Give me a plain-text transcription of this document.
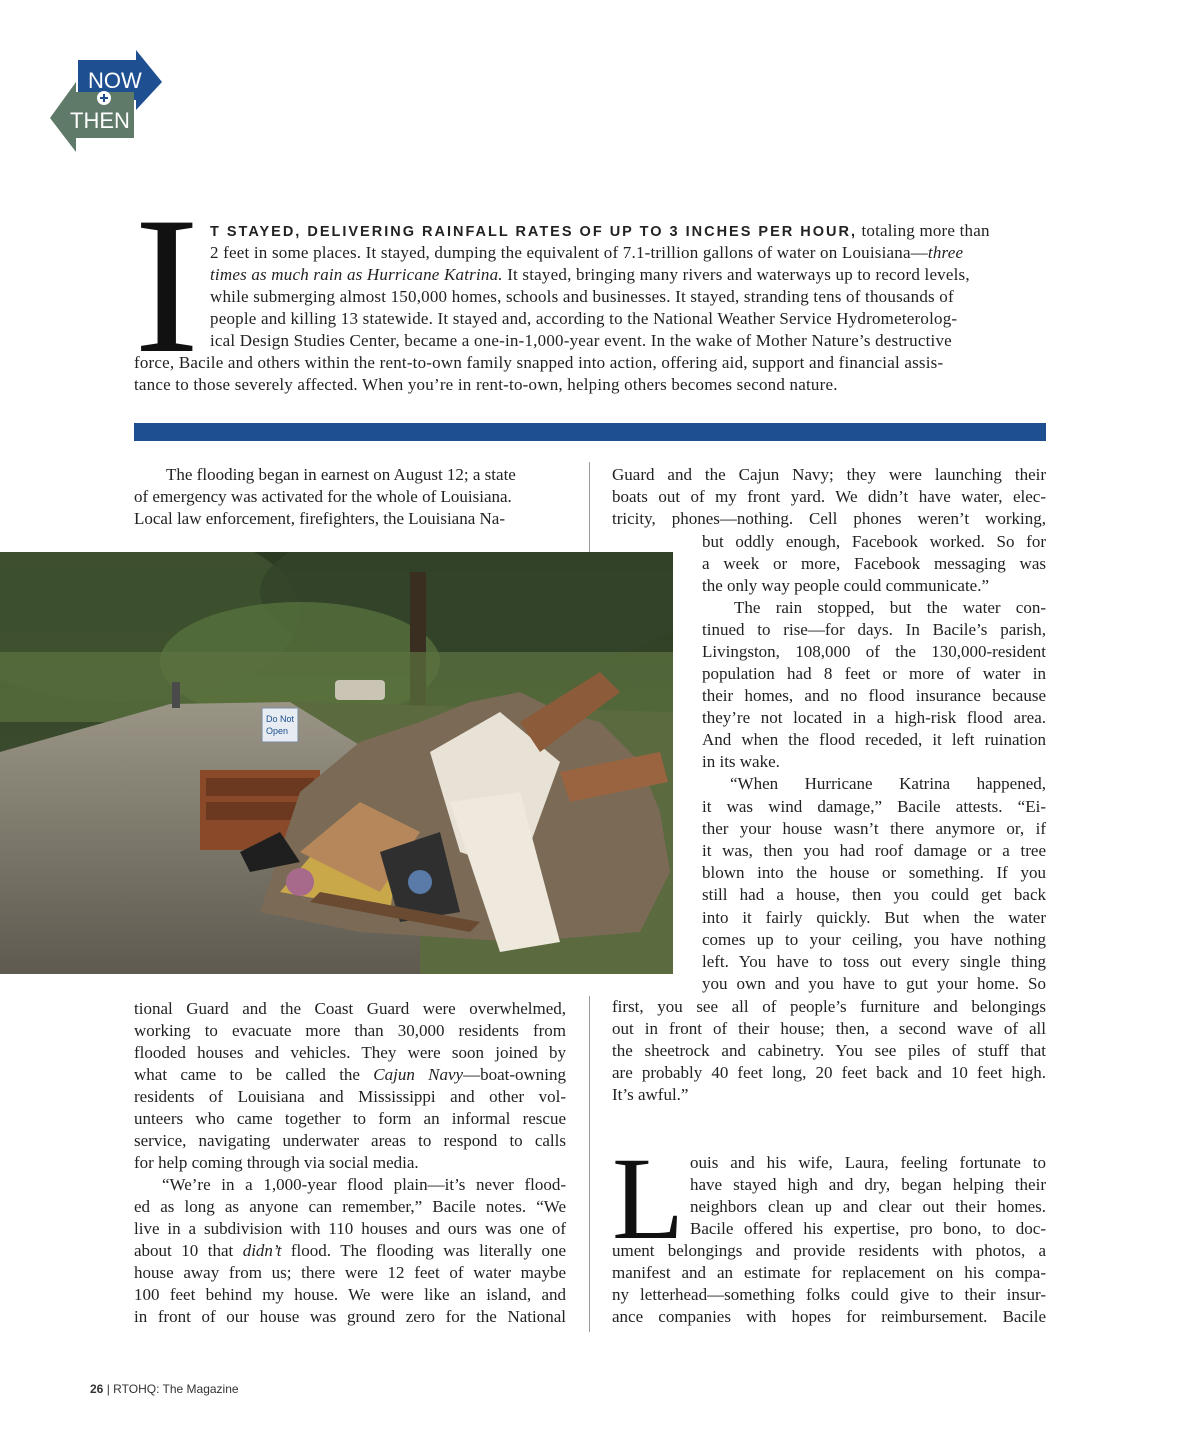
NOW
THEN
I T STAYED, DELIVERING RAINFALL RATES OF UP TO 3 INCHES PER HOUR, totaling more than
2 feet in some places. It stayed, dumping the equivalent of 7.1-trillion gallons of water on Louisiana—three
times as much rain as Hurricane Katrina. It stayed, bringing many rivers and waterways up to record levels,
while submerging almost 150,000 homes, schools and businesses. It stayed, stranding tens of thousands of
people and killing 13 statewide. It stayed and, according to the National Weather Service Hydrometerolog-
ical Design Studies Center, became a one-in-1,000-year event. In the wake of Mother Nature’s destructive
force, Bacile and others within the rent-to-own family snapped into action, offering aid, support and financial assis-
tance to those severely affected. When you’re in rent-to-own, helping others becomes second nature.
The flooding began in earnest on August 12; a state
of emergency was activated for the whole of Louisiana.
Local law enforcement, firefighters, the Louisiana Na-
Do Not
Open
tional Guard and the Coast Guard were overwhelmed,
working to evacuate more than 30,000 residents from
flooded houses and vehicles. They were soon joined by
what came to be called the Cajun Navy—boat-owning
residents of Louisiana and Mississippi and other vol-
unteers who came together to form an informal rescue
service, navigating underwater areas to respond to calls
for help coming through via social media.
“We’re in a 1,000-year flood plain—it’s never flood-
ed as long as anyone can remember,” Bacile notes. “We
live in a subdivision with 110 houses and ours was one of
about 10 that didn’t flood. The flooding was literally one
house away from us; there were 12 feet of water maybe
100 feet behind my house. We were like an island, and
in front of our house was ground zero for the National
Guard and the Cajun Navy; they were launching their
boats out of my front yard. We didn’t have water, elec-
tricity, phones—nothing. Cell phones weren’t working,
but oddly enough, Facebook worked. So for
a week or more, Facebook messaging was
the only way people could communicate.”
The rain stopped, but the water con-
tinued to rise—for days. In Bacile’s parish,
Livingston, 108,000 of the 130,000-resident
population had 8 feet or more of water in
their homes, and no flood insurance because
they’re not located in a high-risk flood area.
And when the flood receded, it left ruination
in its wake.
“When Hurricane Katrina happened,
it was wind damage,” Bacile attests. “Ei-
ther your house wasn’t there anymore or, if
it was, then you had roof damage or a tree
blown into the house or something. If you
still had a house, then you could get back
into it fairly quickly. But when the water
comes up to your ceiling, you have nothing
left. You have to toss out every single thing
you own and you have to gut your home. So
first, you see all of people’s furniture and belongings
out in front of their house; then, a second wave of all
the sheetrock and cabinetry. You see piles of stuff that
are probably 40 feet long, 20 feet back and 10 feet high.
It’s awful.”
L ouis and his wife, Laura, feeling fortunate to
have stayed high and dry, began helping their
neighbors clean up and clear out their homes.
Bacile offered his expertise, pro bono, to doc-
ument belongings and provide residents with photos, a
manifest and an estimate for replacement on his compa-
ny letterhead—something folks could give to their insur-
ance companies with hopes for reimbursement. Bacile
26 | RTOHQ: The Magazine
